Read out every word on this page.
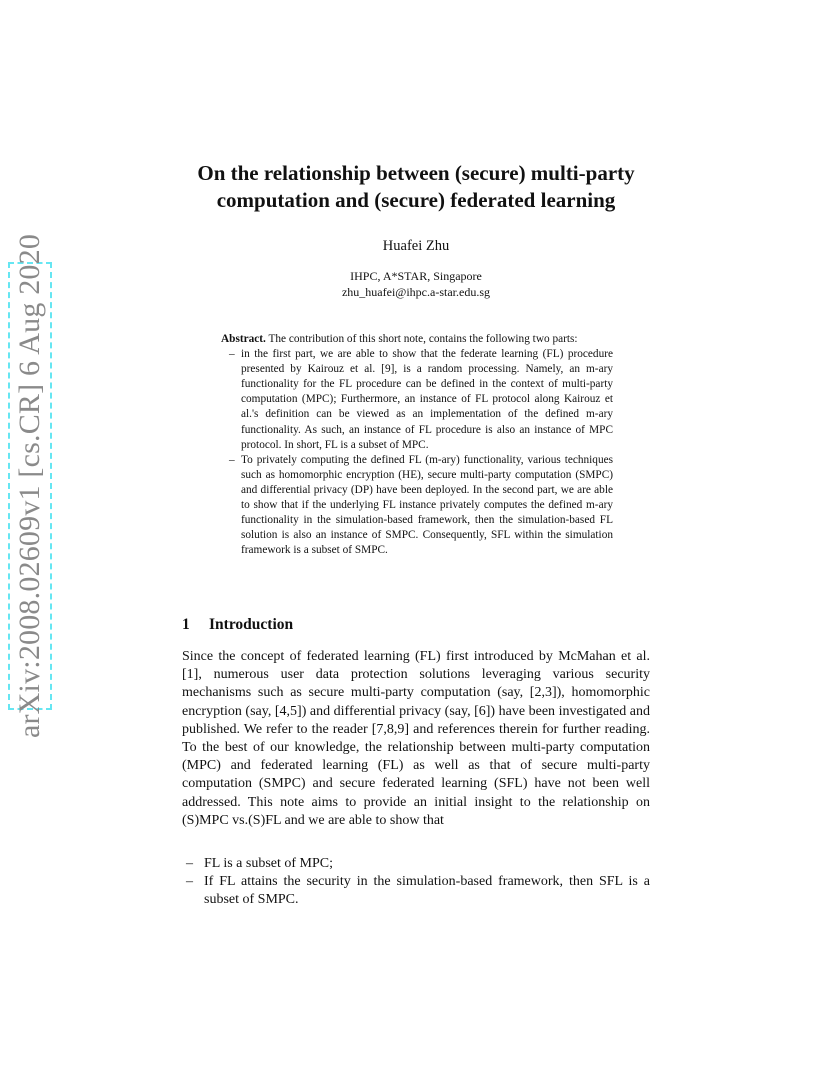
arXiv:2008.02609v1 [cs.CR] 6 Aug 2020
On the relationship between (secure) multi-party computation and (secure) federated learning
Huafei Zhu
IHPC, A*STAR, Singapore
zhu_huafei@ihpc.a-star.edu.sg

Abstract. The contribution of this short note, contains the following two parts:

– in the first part, we are able to show that the federate learning (FL) procedure presented by Kairouz et al. [9], is a random processing. Namely, an m-ary functionality for the FL procedure can be defined in the context of multi-party computation (MPC); Furthermore, an instance of FL protocol along Kairouz et al.'s definition can be viewed as an implementation of the defined m-ary functionality. As such, an instance of FL procedure is also an instance of MPC protocol. In short, FL is a subset of MPC.
– To privately computing the defined FL (m-ary) functionality, various techniques such as homomorphic encryption (HE), secure multi-party computation (SMPC) and differential privacy (DP) have been deployed. In the second part, we are able to show that if the underlying FL instance privately computes the defined m-ary functionality in the simulation-based framework, then the simulation-based FL solution is also an instance of SMPC. Consequently, SFL within the simulation framework is a subset of SMPC.
1 Introduction

Since the concept of federated learning (FL) first introduced by McMahan et al. [1], numerous user data protection solutions leveraging various security mechanisms such as secure multi-party computation (say, [2,3]), homomorphic encryption (say, [4,5]) and differential privacy (say, [6]) have been investigated and published. We refer to the reader [7,8,9] and references therein for further reading. To the best of our knowledge, the relationship between multi-party computation (MPC) and federated learning (FL) as well as that of secure multi-party computation (SMPC) and secure federated learning (SFL) have not been well addressed. This note aims to provide an initial insight to the relationship on (S)MPC vs.(S)FL and we are able to show that

– FL is a subset of MPC;
– If FL attains the security in the simulation-based framework, then SFL is a subset of SMPC.
